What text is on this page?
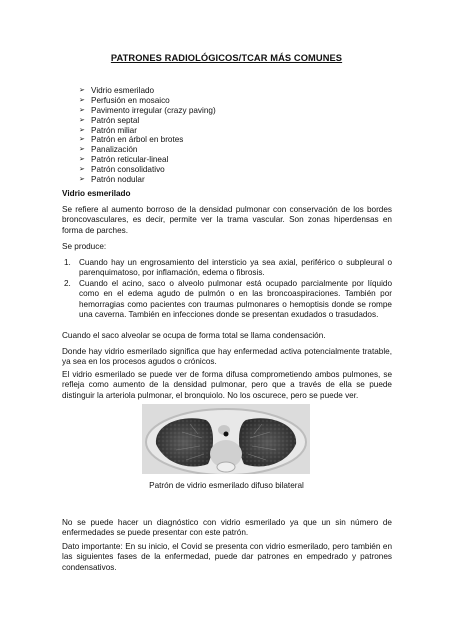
PATRONES RADIOLÓGICOS/TCAR MÁS COMUNES
➢ Vidrio esmerilado
➢ Perfusión en mosaico
➢ Pavimento irregular (crazy paving)
➢ Patrón septal
➢ Patrón miliar
➢ Patrón en árbol en brotes
➢ Panalización
➢ Patrón reticular-lineal
➢ Patrón consolidativo
➢ Patrón nodular
Vidrio esmerilado
Se refiere al aumento borroso de la densidad pulmonar con conservación de los bordes broncovasculares, es decir, permite ver la trama vascular. Son zonas hiperdensas en forma de parches.
Se produce:
1. Cuando hay un engrosamiento del intersticio ya sea axial, periférico o subpleural o parenquimatoso, por inflamación, edema o fibrosis.
2. Cuando el acino, saco o alveolo pulmonar está ocupado parcialmente por líquido como en el edema agudo de pulmón o en las broncoaspiraciones. También por hemorragias como pacientes con traumas pulmonares o hemoptisis donde se rompe una caverna. También en infecciones donde se presentan exudados o trasudados.
Cuando el saco alveolar se ocupa de forma total se llama condensación.
Donde hay vidrio esmerilado significa que hay enfermedad activa potencialmente tratable, ya sea en los procesos agudos o crónicos.
El vidrio esmerilado se puede ver de forma difusa comprometiendo ambos pulmones, se refleja como aumento de la densidad pulmonar, pero que a través de ella se puede distinguir la arteriola pulmonar, el bronquiolo. No los oscurece, pero se puede ver.
Patrón de vidrio esmerilado difuso bilateral
No se puede hacer un diagnóstico con vidrio esmerilado ya que un sin número de enfermedades se puede presentar con este patrón.
Dato importante: En su inicio, el Covid se presenta con vidrio esmerilado, pero también en las siguientes fases de la enfermedad, puede dar patrones en empedrado y patrones condensativos.
